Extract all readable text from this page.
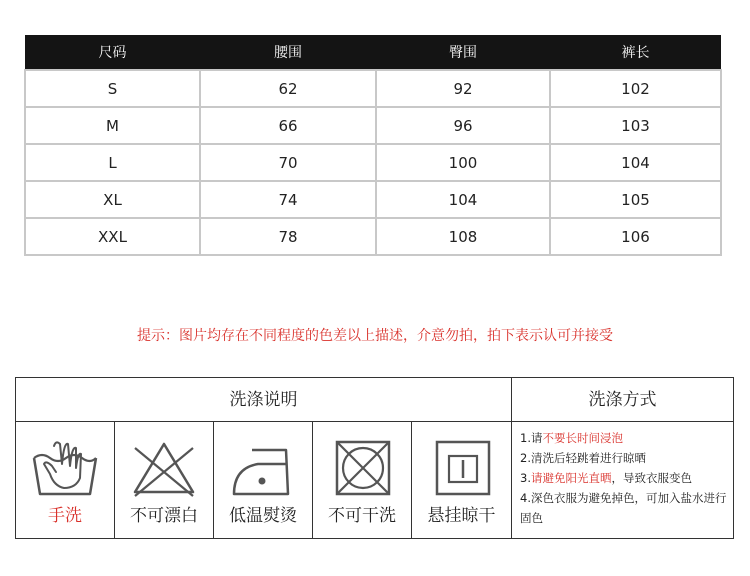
尺码	腰围	臀围	裤长
S	62	92	102
M	66	96	103
L	70	100	104
XL	74	104	105
XXL	78	108	106
提示：图片均存在不同程度的色差以上描述，介意勿拍，拍下表示认可并接受
洗涤说明	洗涤方式
手洗	不可漂白	低温熨烫	不可干洗	悬挂晾干
1.请不要长时间浸泡
2.清洗后轻跳着进行晾晒
3.请避免阳光直晒，导致衣服变色
4.深色衣服为避免掉色，可加入盐水进行固色
